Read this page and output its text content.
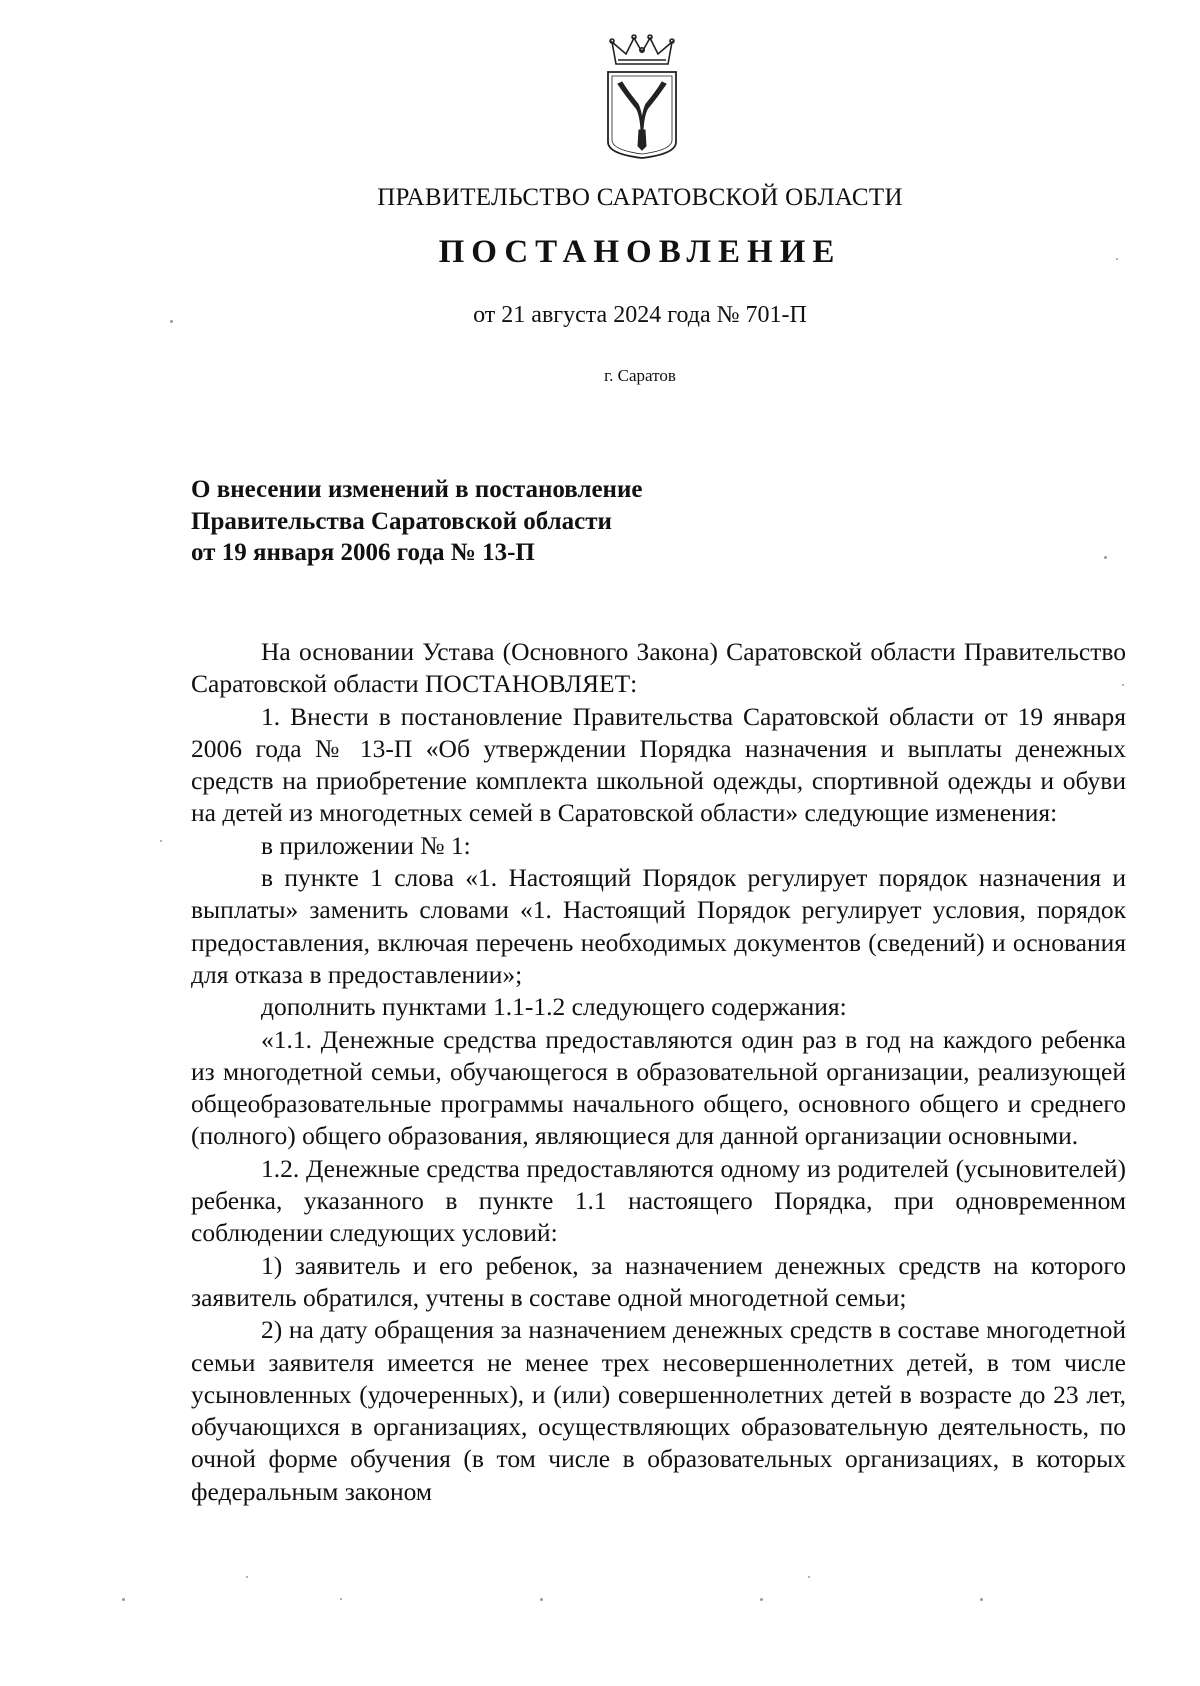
ПРАВИТЕЛЬСТВО САРАТОВСКОЙ ОБЛАСТИ
ПОСТАНОВЛЕНИЕ
от 21 августа 2024 года № 701-П
г. Саратов
О внесении изменений в постановление
Правительства Саратовской области
от 19 января 2006 года № 13-П

На основании Устава (Основного Закона) Саратовской области Правительство Саратовской области ПОСТАНОВЛЯЕТ:

1. Внести в постановление Правительства Саратовской области от 19 января 2006 года № 13-П «Об утверждении Порядка назначения и выплаты денежных средств на приобретение комплекта школьной одежды, спортивной одежды и обуви на детей из многодетных семей в Саратовской области» следующие изменения:

в приложении № 1:

в пункте 1 слова «1. Настоящий Порядок регулирует порядок назначения и выплаты» заменить словами «1. Настоящий Порядок регулирует условия, порядок предоставления, включая перечень необходимых документов (сведений) и основания для отказа в предоставлении»;

дополнить пунктами 1.1-1.2 следующего содержания:

«1.1. Денежные средства предоставляются один раз в год на каждого ребенка из многодетной семьи, обучающегося в образовательной организации, реализующей общеобразовательные программы начального общего, основного общего и среднего (полного) общего образования, являющиеся для данной организации основными.

1.2. Денежные средства предоставляются одному из родителей (усыновителей) ребенка, указанного в пункте 1.1 настоящего Порядка, при одновременном соблюдении следующих условий:

1) заявитель и его ребенок, за назначением денежных средств на которого заявитель обратился, учтены в составе одной многодетной семьи;

2) на дату обращения за назначением денежных средств в составе многодетной семьи заявителя имеется не менее трех несовершеннолетних детей, в том числе усыновленных (удочеренных), и (или) совершеннолетних детей в возрасте до 23 лет, обучающихся в организациях, осуществляющих образовательную деятельность, по очной форме обучения (в том числе в образовательных организациях, в которых федеральным законом
